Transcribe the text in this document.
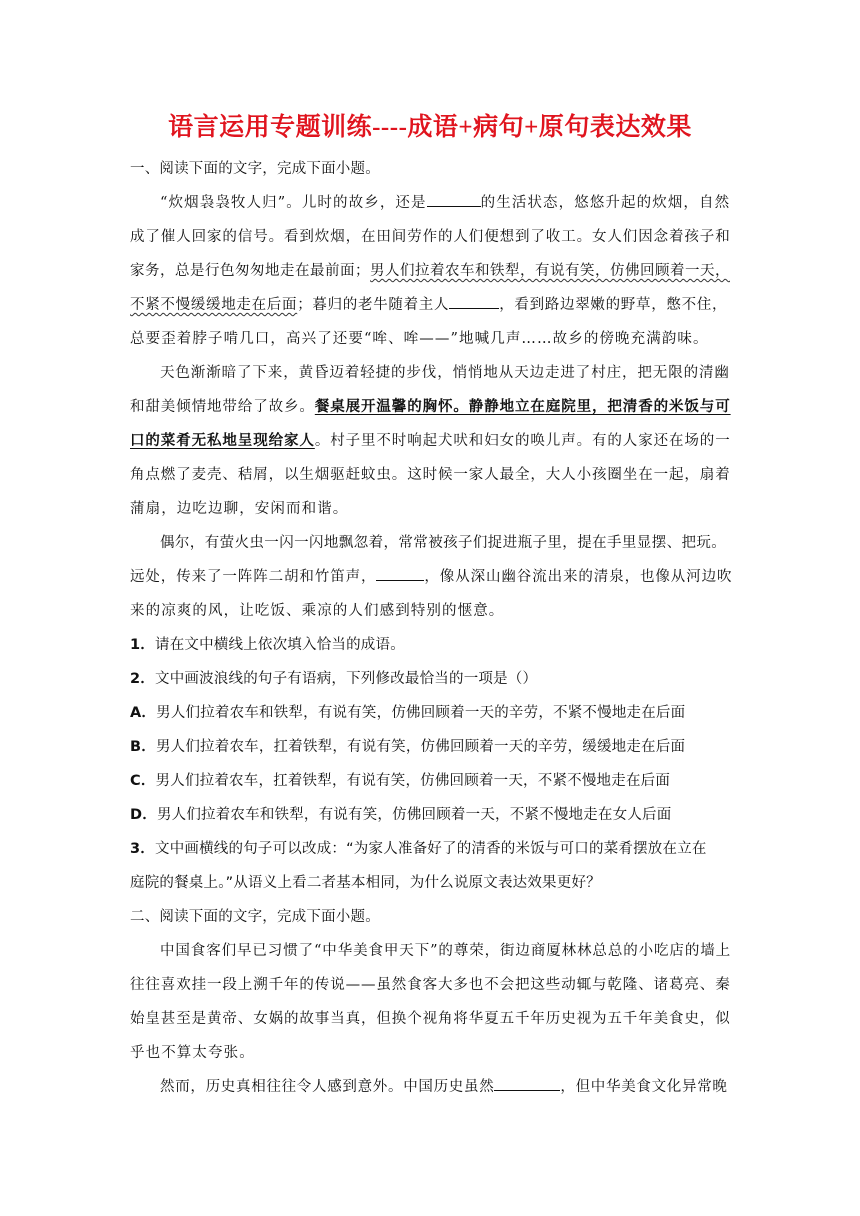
语言运用专题训练----成语+病句+原句表达效果
一、阅读下面的文字，完成下面小题。
“炊烟袅袅牧人归”。儿时的故乡，还是	的生活状态，悠悠升起的炊烟，自然
成了催人回家的信号。看到炊烟，在田间劳作的人们便想到了收工。女人们因念着孩子和
家务，总是行色匆匆地走在最前面；男人们拉着农车和铁犁，有说有笑，仿佛回顾着一天，
不紧不慢缓缓地走在后面；暮归的老牛随着主人	，看到路边翠嫩的野草，憋不住，
总要歪着脖子啃几口，高兴了还要“哞、哞——”地喊几声……故乡的傍晚充满韵味。
天色渐渐暗了下来，黄昏迈着轻捷的步伐，悄悄地从天边走进了村庄，把无限的清幽
和甜美倾情地带给了故乡。餐桌展开温馨的胸怀。静静地立在庭院里，把清香的米饭与可
口的菜肴无私地呈现给家人。村子里不时响起犬吠和妇女的唤儿声。有的人家还在场的一
角点燃了麦壳、秸屑，以生烟驱赶蚊虫。这时候一家人最全，大人小孩圈坐在一起，扇着
蒲扇，边吃边聊，安闲而和谐。
偶尔，有萤火虫一闪一闪地飘忽着，常常被孩子们捉进瓶子里，提在手里显摆、把玩。
远处，传来了一阵阵二胡和竹笛声，	，像从深山幽谷流出来的清泉，也像从河边吹
来的凉爽的风，让吃饭、乘凉的人们感到特别的惬意。
1．请在文中横线上依次填入恰当的成语。
2．文中画波浪线的句子有语病，下列修改最恰当的一项是（）
A．男人们拉着农车和铁犁，有说有笑，仿佛回顾着一天的辛劳，不紧不慢地走在后面
B．男人们拉着农车，扛着铁犁，有说有笑，仿佛回顾着一天的辛劳，缓缓地走在后面
C．男人们拉着农车，扛着铁犁，有说有笑，仿佛回顾着一天，不紧不慢地走在后面
D．男人们拉着农车和铁犁，有说有笑，仿佛回顾着一天，不紧不慢地走在女人后面
3．文中画横线的句子可以改成：“为家人准备好了的清香的米饭与可口的菜肴摆放在立在
庭院的餐桌上。”从语义上看二者基本相同，为什么说原文表达效果更好？
二、阅读下面的文字，完成下面小题。
中国食客们早已习惯了“中华美食甲天下”的尊荣，街边商厦林林总总的小吃店的墙上
往往喜欢挂一段上溯千年的传说——虽然食客大多也不会把这些动辄与乾隆、诸葛亮、秦
始皇甚至是黄帝、女娲的故事当真，但换个视角将华夏五千年历史视为五千年美食史，似
乎也不算太夸张。
然而，历史真相往往令人感到意外。中国历史虽然	，但中华美食文化异常晚
